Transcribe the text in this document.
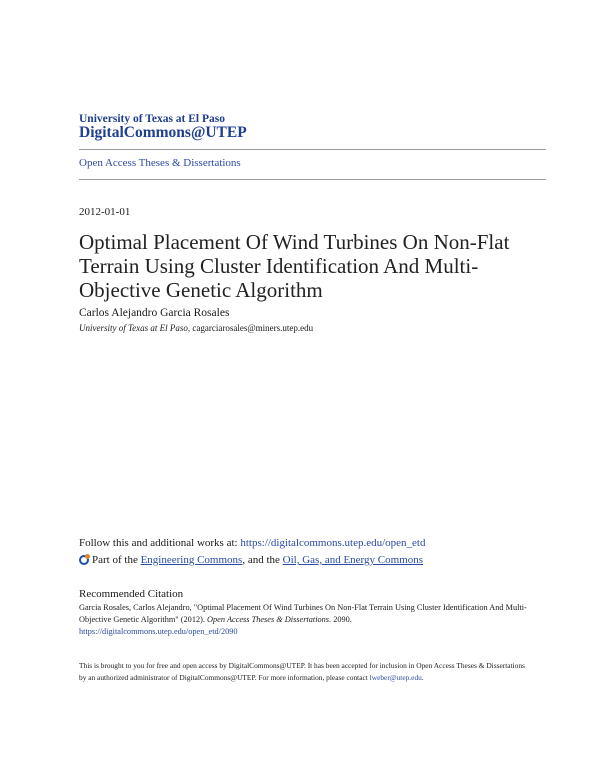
University of Texas at El Paso
DigitalCommons@UTEP
Open Access Theses & Dissertations
2012-01-01
Optimal Placement Of Wind Turbines On Non-Flat Terrain Using Cluster Identification And Multi-Objective Genetic Algorithm
Carlos Alejandro Garcia Rosales
University of Texas at El Paso, cagarciarosales@miners.utep.edu
Follow this and additional works at: https://digitalcommons.utep.edu/open_etd
Part of the Engineering Commons, and the Oil, Gas, and Energy Commons
Recommended Citation
Garcia Rosales, Carlos Alejandro, "Optimal Placement Of Wind Turbines On Non-Flat Terrain Using Cluster Identification And Multi-Objective Genetic Algorithm" (2012). Open Access Theses & Dissertations. 2090.
https://digitalcommons.utep.edu/open_etd/2090
This is brought to you for free and open access by DigitalCommons@UTEP. It has been accepted for inclusion in Open Access Theses & Dissertations by an authorized administrator of DigitalCommons@UTEP. For more information, please contact lweber@utep.edu.
